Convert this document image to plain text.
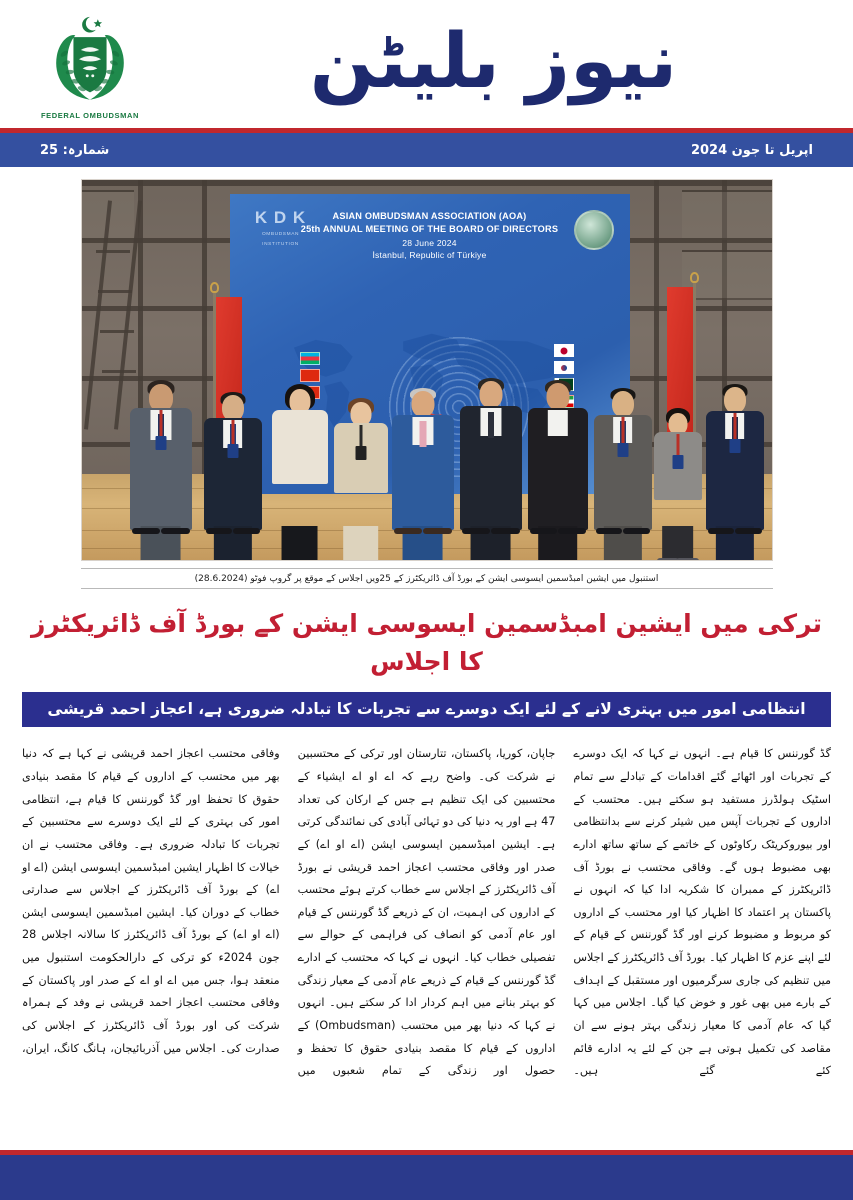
FEDERAL OMBUDSMAN
نیوز بلیٹن
اپریل تا جون 2024
شمارہ: 25
K D K
OMBUDSMAN
INSTITUTION
ASIAN OMBUDSMAN ASSOCIATION (AOA)
25th ANNUAL MEETING OF THE BOARD OF DIRECTORS
28 June 2024
İstanbul, Republic of Türkiye
استنبول میں ایشین امبڈسمین ایسوسی ایشن کے بورڈ آف ڈائریکٹرز کے 25ویں اجلاس کے موقع پر گروپ فوٹو (28.6.2024)
ترکی میں ایشین امبڈسمین ایسوسی ایشن کے بورڈ آف ڈائریکٹرز کا اجلاس
انتظامی امور میں بہتری لانے کے لئے ایک دوسرے سے تجربات کا تبادلہ ضروری ہے، اعجاز احمد قریشی
وفاقی محتسب اعجاز احمد قریشی نے کہا ہے کہ دنیا بھر میں محتسب کے اداروں کے قیام کا مقصد بنیادی حقوق کا تحفظ اور گڈ گورننس کا قیام ہے، انتظامی امور کی بہتری کے لئے ایک دوسرے سے محتسبین کے تجربات کا تبادلہ ضروری ہے۔ وفاقی محتسب نے ان خیالات کا اظہار ایشین امبڈسمین ایسوسی ایشن (اے او اے) کے بورڈ آف ڈائریکٹرز کے اجلاس سے صدارتی خطاب کے دوران کیا۔ ایشین امبڈسمین ایسوسی ایشن (اے او اے) کے بورڈ آف ڈائریکٹرز کا سالانہ اجلاس 28 جون 2024ء کو ترکی کے دارالحکومت استنبول میں منعقد ہوا، جس میں اے او اے کے صدر اور پاکستان کے وفاقی محتسب اعجاز احمد قریشی نے وفد کے ہمراہ شرکت کی اور بورڈ آف ڈائریکٹرز کے اجلاس کی صدارت کی۔ اجلاس میں آذربائیجان، ہانگ کانگ، ایران،
جاپان، کوریا، پاکستان، تتارستان اور ترکی کے محتسبین نے شرکت کی۔ واضح رہے کہ اے او اے ایشیاء کے محتسبین کی ایک تنظیم ہے جس کے ارکان کی تعداد 47 ہے اور یہ دنیا کی دو تہائی آبادی کی نمائندگی کرتی ہے۔ ایشین امبڈسمین ایسوسی ایشن (اے او اے) کے صدر اور وفاقی محتسب اعجاز احمد قریشی نے بورڈ آف ڈائریکٹرز کے اجلاس سے خطاب کرتے ہوئے محتسب کے اداروں کی اہمیت، ان کے ذریعے گڈ گورننس کے قیام اور عام آدمی کو انصاف کی فراہمی کے حوالے سے تفصیلی خطاب کیا۔ انہوں نے کہا کہ محتسب کے ادارے گڈ گورننس کے قیام کے ذریعے عام آدمی کے معیار زندگی کو بہتر بنانے میں اہم کردار ادا کر سکتے ہیں۔ انہوں نے کہا کہ دنیا بھر میں محتسب (Ombudsman) کے اداروں کے قیام کا مقصد بنیادی حقوق کا تحفظ و حصول اور زندگی کے تمام شعبوں میں
گڈ گورننس کا قیام ہے۔ انہوں نے کہا کہ ایک دوسرے کے تجربات اور اٹھائے گئے اقدامات کے تبادلے سے تمام اسٹیک ہولڈرز مستفید ہو سکتے ہیں۔ محتسب کے اداروں کے تجربات آپس میں شیئر کرنے سے بدانتظامی اور بیوروکریٹک رکاوٹوں کے خاتمے کے ساتھ ساتھ ادارے بھی مضبوط ہوں گے۔ وفاقی محتسب نے بورڈ آف ڈائریکٹرز کے ممبران کا شکریہ ادا کیا کہ انہوں نے پاکستان پر اعتماد کا اظہار کیا اور محتسب کے اداروں کو مربوط و مضبوط کرنے اور گڈ گورننس کے قیام کے لئے اپنے عزم کا اظہار کیا۔ بورڈ آف ڈائریکٹرز کے اجلاس میں تنظیم کی جاری سرگرمیوں اور مستقبل کے اہداف کے بارے میں بھی غور و خوض کیا گیا۔ اجلاس میں کہا گیا کہ عام آدمی کا معیار زندگی بہتر ہونے سے ان مقاصد کی تکمیل ہوتی ہے جن کے لئے یہ ادارے قائم کئے گئے ہیں۔
